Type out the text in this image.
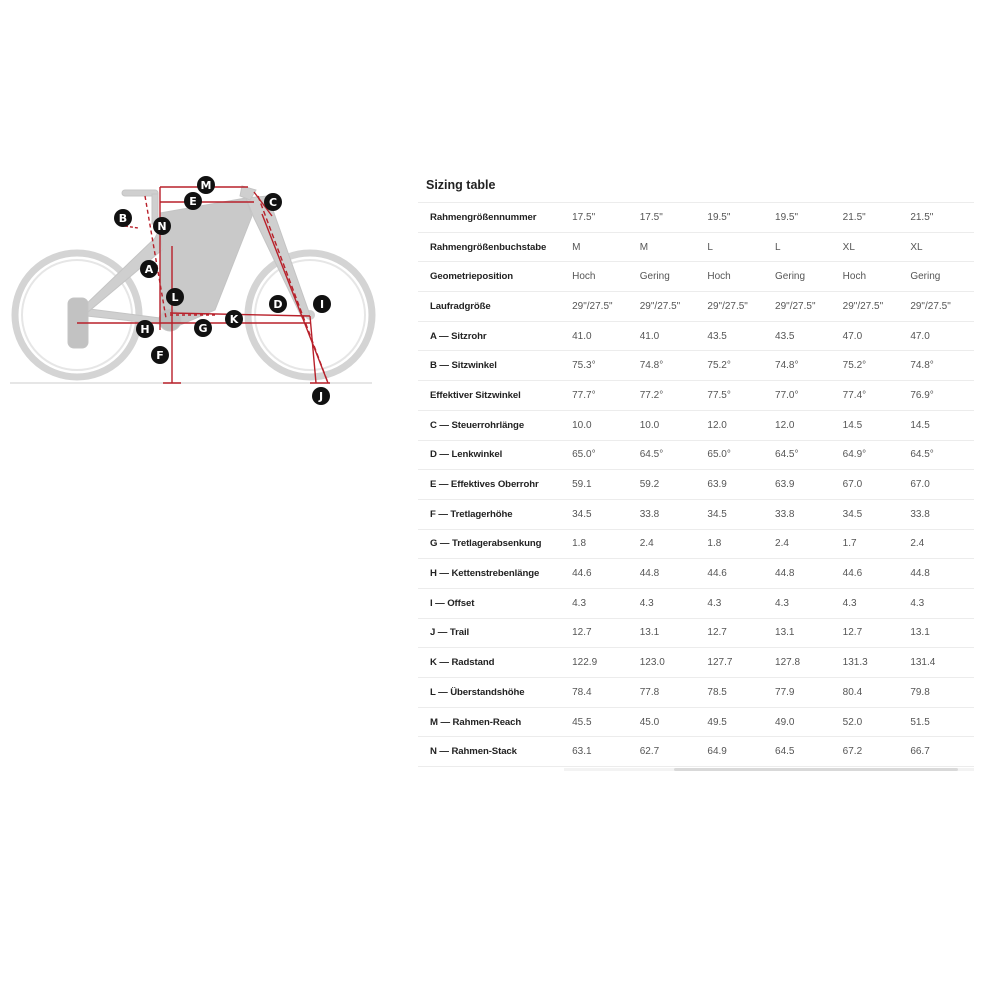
M
E	C
B
N
A
L
D	I
H	G
K
F
J
Sizing table
Rahmengrößennummer	17.5"	17.5"	19.5"	19.5"	21.5"	21.5"
Rahmengrößenbuchstabe	M	M	L	L	XL	XL
Geometrieposition	Hoch	Gering	Hoch	Gering	Hoch	Gering
Laufradgröße	29"/27.5"	29"/27.5"	29"/27.5"	29"/27.5"	29"/27.5"	29"/27.5"
A — Sitzrohr	41.0	41.0	43.5	43.5	47.0	47.0
B — Sitzwinkel	75.3°	74.8°	75.2°	74.8°	75.2°	74.8°
Effektiver Sitzwinkel	77.7°	77.2°	77.5°	77.0°	77.4°	76.9°
C — Steuerrohrlänge	10.0	10.0	12.0	12.0	14.5	14.5
D — Lenkwinkel	65.0°	64.5°	65.0°	64.5°	64.9°	64.5°
E — Effektives Oberrohr	59.1	59.2	63.9	63.9	67.0	67.0
F — Tretlagerhöhe	34.5	33.8	34.5	33.8	34.5	33.8
G — Tretlagerabsenkung	1.8	2.4	1.8	2.4	1.7	2.4
H — Kettenstrebenlänge	44.6	44.8	44.6	44.8	44.6	44.8
I — Offset	4.3	4.3	4.3	4.3	4.3	4.3
J — Trail	12.7	13.1	12.7	13.1	12.7	13.1
K — Radstand	122.9	123.0	127.7	127.8	131.3	131.4
L — Überstandshöhe	78.4	77.8	78.5	77.9	80.4	79.8
M — Rahmen-Reach	45.5	45.0	49.5	49.0	52.0	51.5
N — Rahmen-Stack	63.1	62.7	64.9	64.5	67.2	66.7
